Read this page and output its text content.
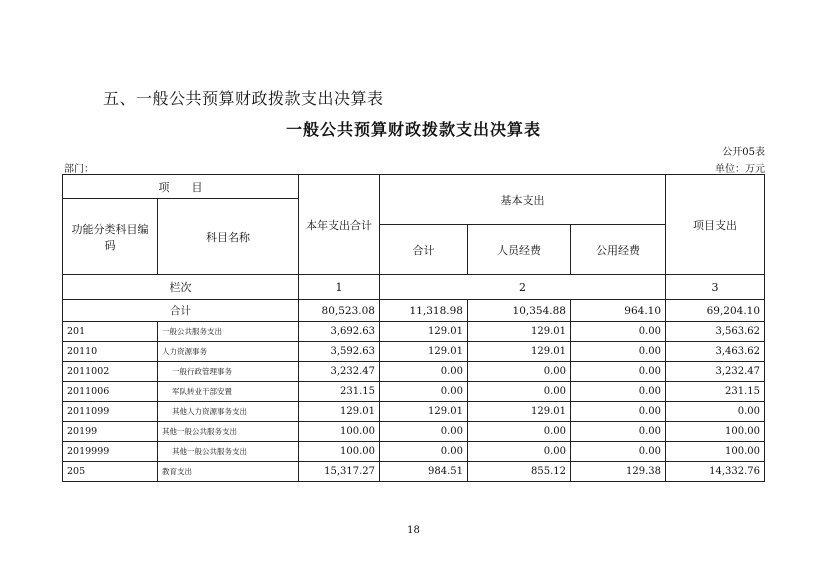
五、一般公共预算财政拨款支出决算表
一般公共预算财政拨款支出决算表
公开05表
部门：	单位：万元
项　　目		本年支出合计	基本支出			项目支出
功能分类科目编码	科目名称					
			合计	人员经费	公用经费	
栏次		1	2			3
合计		80,523.08	11,318.98	10,354.88	964.10	69,204.10
201	一般公共服务支出	3,692.63	129.01	129.01	0.00	3,563.62
20110	人力资源事务	3,592.63	129.01	129.01	0.00	3,463.62
2011002	一般行政管理事务	3,232.47	0.00	0.00	0.00	3,232.47
2011006	军队转业干部安置	231.15	0.00	0.00	0.00	231.15
2011099	其他人力资源事务支出	129.01	129.01	129.01	0.00	0.00
20199	其他一般公共服务支出	100.00	0.00	0.00	0.00	100.00
2019999	其他一般公共服务支出	100.00	0.00	0.00	0.00	100.00
205	教育支出	15,317.27	984.51	855.12	129.38	14,332.76
18
